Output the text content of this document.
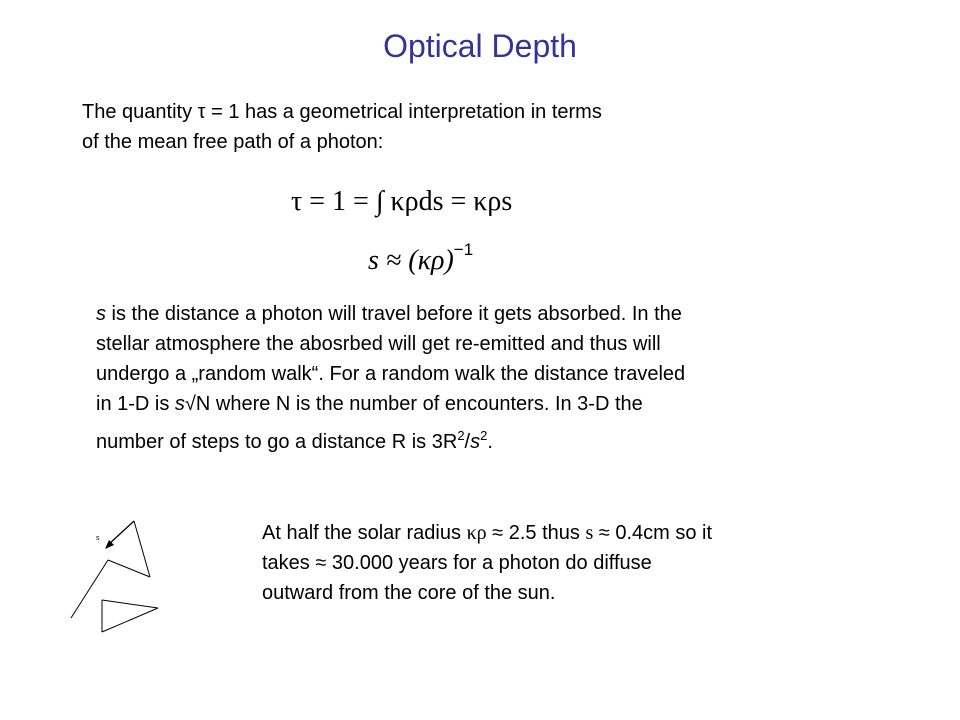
Optical Depth
The quantity τ = 1 has a geometrical interpretation in terms
of the mean free path of a photon:
τ = 1 = ∫ κρds = κρs
$s \approx (\kappa\rho)^{-1}$
s is the distance a photon will travel before it gets absorbed. In the
stellar atmosphere the abosrbed will get re-emitted and thus will
undergo a „random walk“. For a random walk the distance traveled
in 1-D is s√N where N is the number of encounters. In 3-D the
number of steps to go a distance R is $3R^2/s^2$.
At half the solar radius κρ ≈ 2.5 thus s ≈ 0.4cm so it
takes ≈ 30.000 years for a photon do diffuse
outward from the core of the sun.
s
